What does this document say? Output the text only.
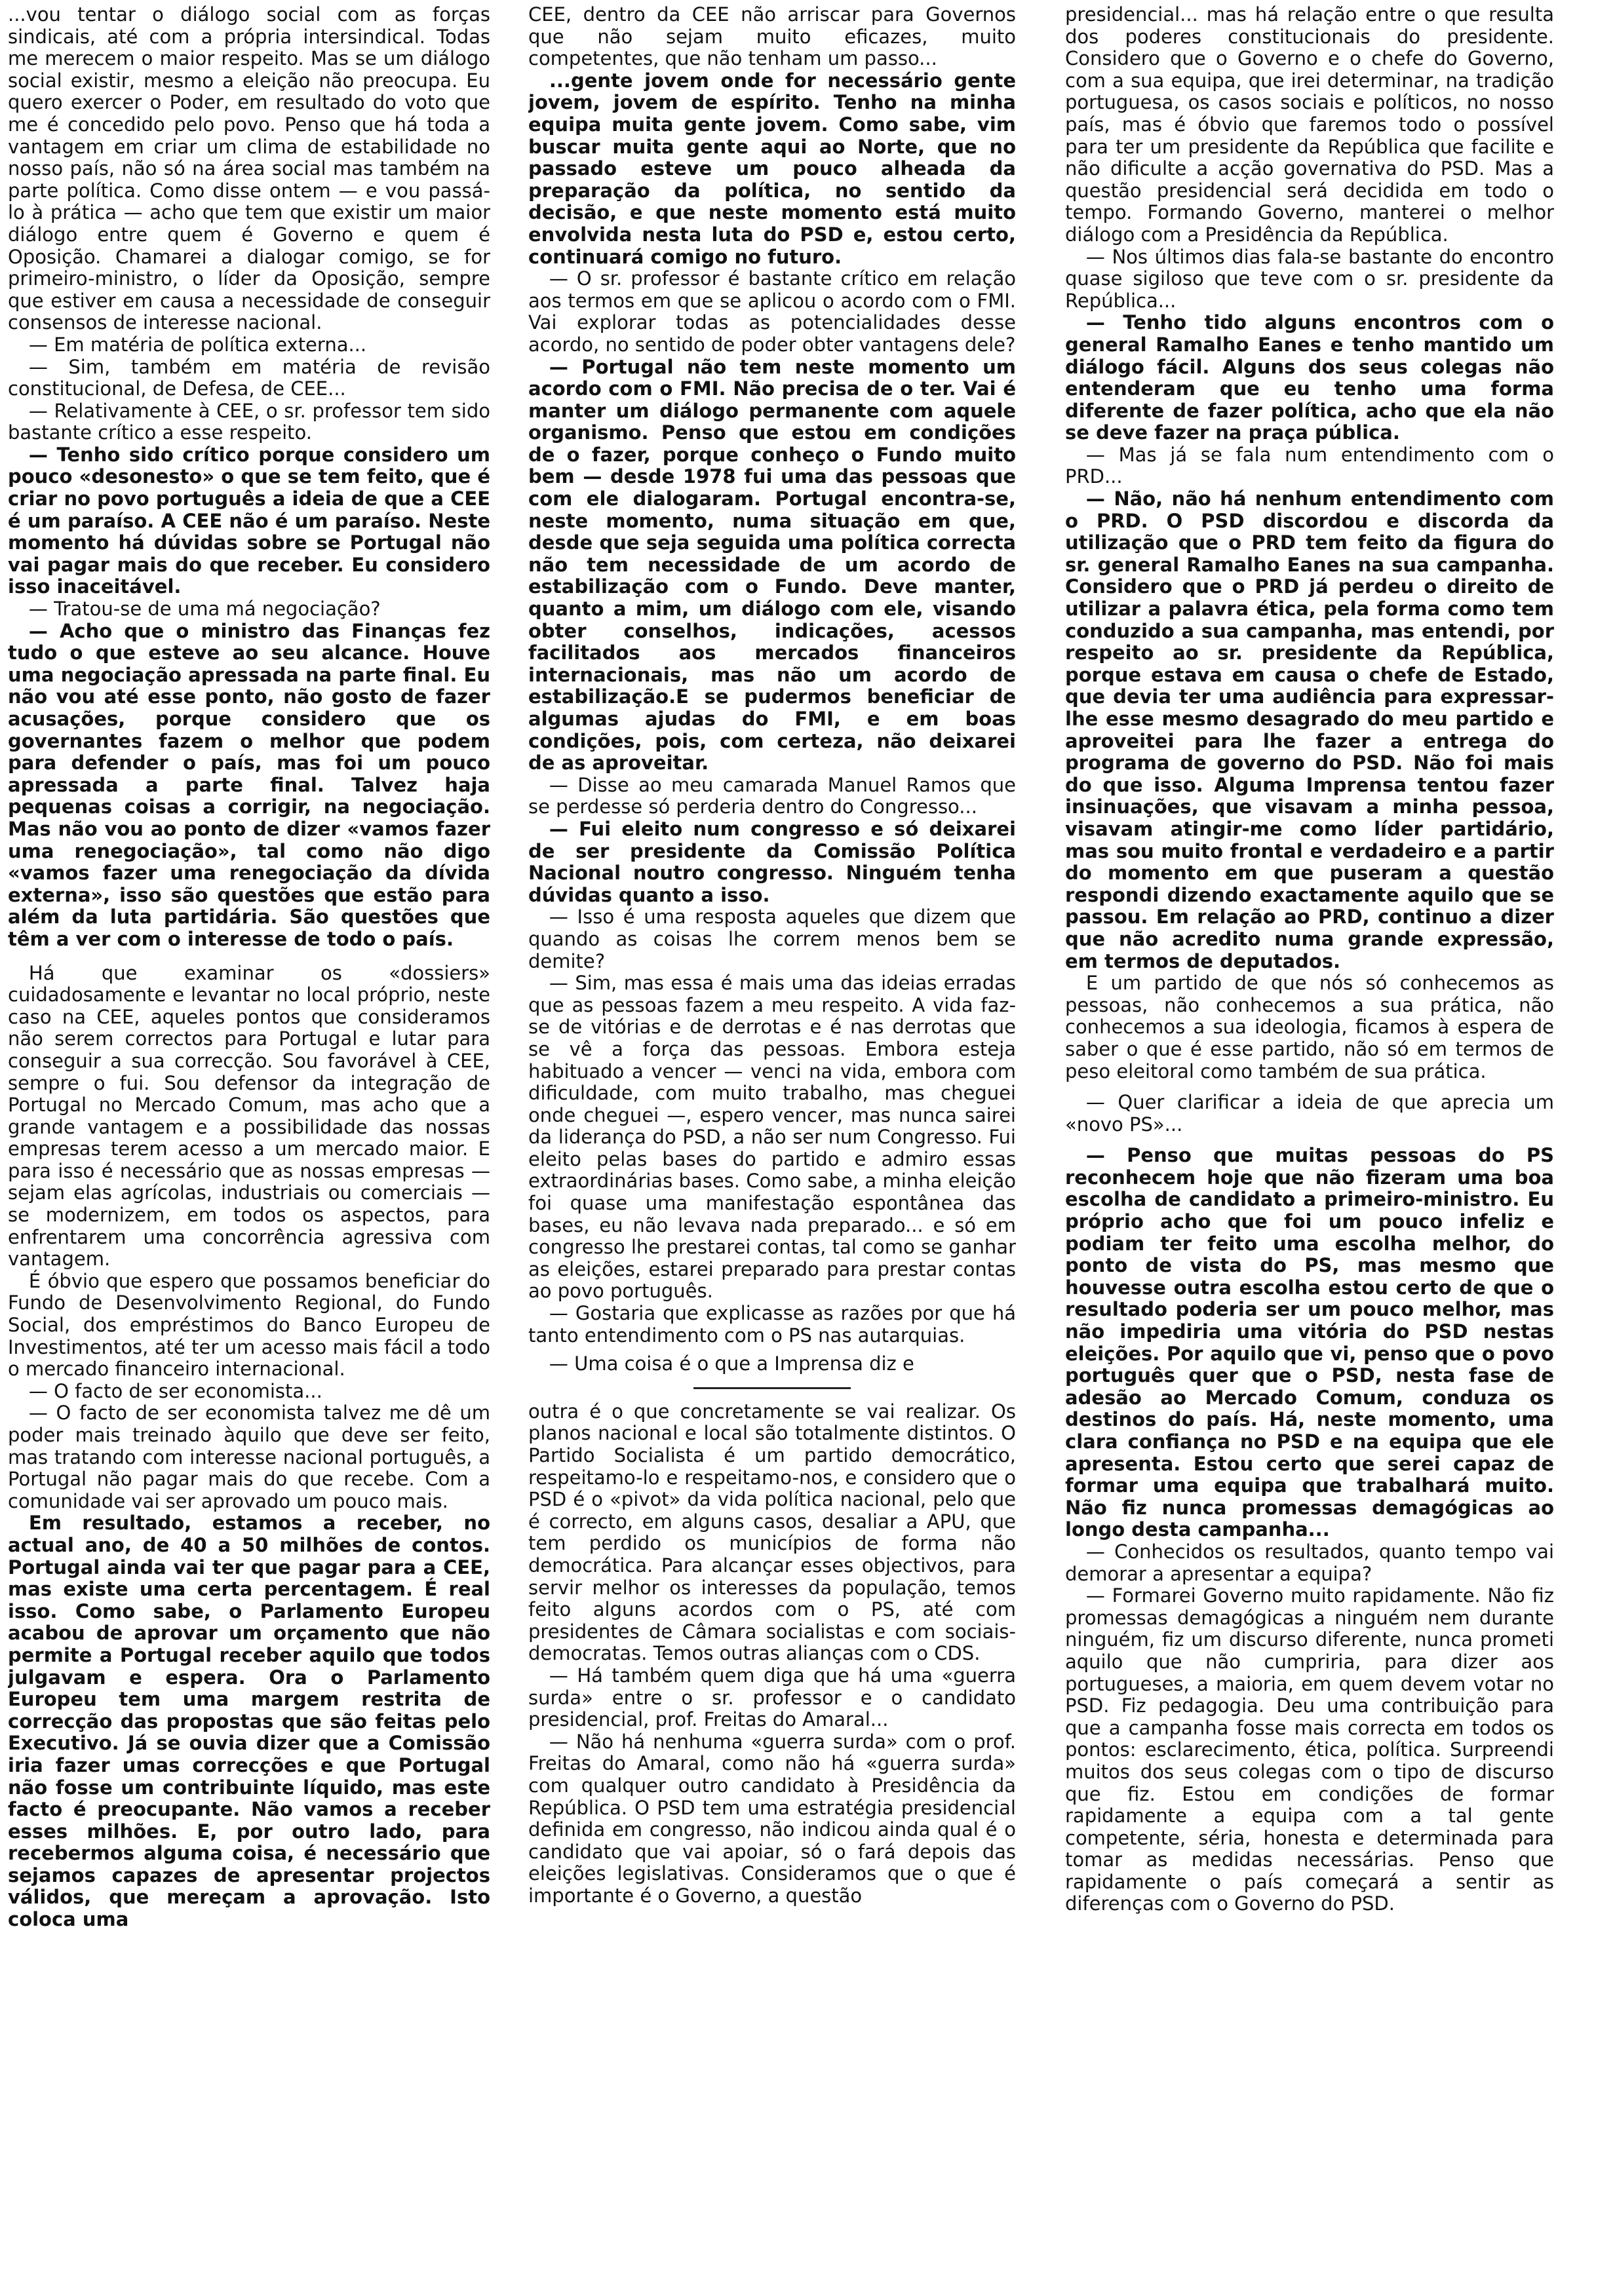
...vou tentar o diálogo social com as forças sindicais, até com a própria intersindical. Todas me merecem o maior respeito. Mas se um diálogo social existir, mesmo a eleição não preocupa. Eu quero exercer o Poder, em resultado do voto que me é concedido pelo povo. Penso que há toda a vantagem em criar um clima de estabilidade no nosso país, não só na área social mas também na parte política. Como disse ontem — e vou passá-lo à prática — acho que tem que existir um maior diálogo entre quem é Governo e quem é Oposição. Chamarei a dialogar comigo, se for primeiro-ministro, o líder da Oposição, sempre que estiver em causa a necessidade de conseguir consensos de interesse nacional.

— Em matéria de política externa...

— Sim, também em matéria de revisão constitucional, de Defesa, de CEE...

— Relativamente à CEE, o sr. professor tem sido bastante crítico a esse respeito.

— Tenho sido crítico porque considero um pouco «desonesto» o que se tem feito, que é criar no povo português a ideia de que a CEE é um paraíso. A CEE não é um paraíso. Neste momento há dúvidas sobre se Portugal não vai pagar mais do que receber. Eu considero isso inaceitável.

— Tratou-se de uma má negociação?

— Acho que o ministro das Finanças fez tudo o que esteve ao seu alcance. Houve uma negociação apressada na parte final. Eu não vou até esse ponto, não gosto de fazer acusações, porque considero que os governantes fazem o melhor que podem para defender o país, mas foi um pouco apressada a parte final. Talvez haja pequenas coisas a corrigir, na negociação. Mas não vou ao ponto de dizer «vamos fazer uma renegociação», tal como não digo «vamos fazer uma renegociação da dívida externa», isso são questões que estão para além da luta partidária. São questões que têm a ver com o interesse de todo o país.

Há que examinar os «dossiers» cuidadosamente e levantar no local próprio, neste caso na CEE, aqueles pontos que consideramos não serem correctos para Portugal e lutar para conseguir a sua correcção. Sou favorável à CEE, sempre o fui. Sou defensor da integração de Portugal no Mercado Comum, mas acho que a grande vantagem e a possibilidade das nossas empresas terem acesso a um mercado maior. E para isso é necessário que as nossas empresas — sejam elas agrícolas, industriais ou comerciais — se modernizem, em todos os aspectos, para enfrentarem uma concorrência agressiva com vantagem.

É óbvio que espero que possamos beneficiar do Fundo de Desenvolvimento Regional, do Fundo Social, dos empréstimos do Banco Europeu de Investimentos, até ter um acesso mais fácil a todo o mercado financeiro internacional.

— O facto de ser economista...

— O facto de ser economista talvez me dê um poder mais treinado àquilo que deve ser feito, mas tratando com interesse nacional português, a Portugal não pagar mais do que recebe. Com a comunidade vai ser aprovado um pouco mais.

Em resultado, estamos a receber, no actual ano, de 40 a 50 milhões de contos. Portugal ainda vai ter que pagar para a CEE, mas existe uma certa percentagem. É real isso. Como sabe, o Parlamento Europeu acabou de aprovar um orçamento que não permite a Portugal receber aquilo que todos julgavam e espera. Ora o Parlamento Europeu tem uma margem restrita de correcção das propostas que são feitas pelo Executivo. Já se ouvia dizer que a Comissão iria fazer umas correcções e que Portugal não fosse um contribuinte líquido, mas este facto é preocupante. Não vamos a receber esses milhões. E, por outro lado, para recebermos alguma coisa, é necessário que sejamos capazes de apresentar projectos válidos, que mereçam a aprovação. Isto coloca uma

CEE, dentro da CEE não arriscar para Governos que não sejam muito eficazes, muito competentes, que não tenham um passo...

...gente jovem onde for necessário gente jovem, jovem de espírito. Tenho na minha equipa muita gente jovem. Como sabe, vim buscar muita gente aqui ao Norte, que no passado esteve um pouco alheada da preparação da política, no sentido da decisão, e que neste momento está muito envolvida nesta luta do PSD e, estou certo, continuará comigo no futuro.

— O sr. professor é bastante crítico em relação aos termos em que se aplicou o acordo com o FMI. Vai explorar todas as potencialidades desse acordo, no sentido de poder obter vantagens dele?

— Portugal não tem neste momento um acordo com o FMI. Não precisa de o ter. Vai é manter um diálogo permanente com aquele organismo. Penso que estou em condições de o fazer, porque conheço o Fundo muito bem — desde 1978 fui uma das pessoas que com ele dialogaram. Portugal encontra-se, neste momento, numa situação em que, desde que seja seguida uma política correcta não tem necessidade de um acordo de estabilização com o Fundo. Deve manter, quanto a mim, um diálogo com ele, visando obter conselhos, indicações, acessos facilitados aos mercados financeiros internacionais, mas não um acordo de estabilização.E se pudermos beneficiar de algumas ajudas do FMI, e em boas condições, pois, com certeza, não deixarei de as aproveitar.

— Disse ao meu camarada Manuel Ramos que se perdesse só perderia dentro do Congresso...

— Fui eleito num congresso e só deixarei de ser presidente da Comissão Política Nacional noutro congresso. Ninguém tenha dúvidas quanto a isso.

— Isso é uma resposta aqueles que dizem que quando as coisas lhe correm menos bem se demite?

— Sim, mas essa é mais uma das ideias erradas que as pessoas fazem a meu respeito. A vida faz-se de vitórias e de derrotas e é nas derrotas que se vê a força das pessoas. Embora esteja habituado a vencer — venci na vida, embora com dificuldade, com muito trabalho, mas cheguei onde cheguei —, espero vencer, mas nunca sairei da liderança do PSD, a não ser num Congresso. Fui eleito pelas bases do partido e admiro essas extraordinárias bases. Como sabe, a minha eleição foi quase uma manifestação espontânea das bases, eu não levava nada preparado... e só em congresso lhe prestarei contas, tal como se ganhar as eleições, estarei preparado para prestar contas ao povo português.

— Gostaria que explicasse as razões por que há tanto entendimento com o PS nas autarquias.

— Uma coisa é o que a Imprensa diz e

outra é o que concretamente se vai realizar. Os planos nacional e local são totalmente distintos. O Partido Socialista é um partido democrático, respeitamo-lo e respeitamo-nos, e considero que o PSD é o «pivot» da vida política nacional, pelo que é correcto, em alguns casos, desaliar a APU, que tem perdido os municípios de forma não democrática. Para alcançar esses objectivos, para servir melhor os interesses da população, temos feito alguns acordos com o PS, até com presidentes de Câmara socialistas e com sociais-democratas. Temos outras alianças com o CDS.

— Há também quem diga que há uma «guerra surda» entre o sr. professor e o candidato presidencial, prof. Freitas do Amaral...

— Não há nenhuma «guerra surda» com o prof. Freitas do Amaral, como não há «guerra surda» com qualquer outro candidato à Presidência da República. O PSD tem uma estratégia presidencial definida em congresso, não indicou ainda qual é o candidato que vai apoiar, só o fará depois das eleições legislativas. Consideramos que o que é importante é o Governo, a questão

presidencial... mas há relação entre o que resulta dos poderes constitucionais do presidente. Considero que o Governo e o chefe do Governo, com a sua equipa, que irei determinar, na tradição portuguesa, os casos sociais e políticos, no nosso país, mas é óbvio que faremos todo o possível para ter um presidente da República que facilite e não dificulte a acção governativa do PSD. Mas a questão presidencial será decidida em todo o tempo. Formando Governo, manterei o melhor diálogo com a Presidência da República.

— Nos últimos dias fala-se bastante do encontro quase sigiloso que teve com o sr. presidente da República...

— Tenho tido alguns encontros com o general Ramalho Eanes e tenho mantido um diálogo fácil. Alguns dos seus colegas não entenderam que eu tenho uma forma diferente de fazer política, acho que ela não se deve fazer na praça pública.

— Mas já se fala num entendimento com o PRD...

— Não, não há nenhum entendimento com o PRD. O PSD discordou e discorda da utilização que o PRD tem feito da figura do sr. general Ramalho Eanes na sua campanha. Considero que o PRD já perdeu o direito de utilizar a palavra ética, pela forma como tem conduzido a sua campanha, mas entendi, por respeito ao sr. presidente da República, porque estava em causa o chefe de Estado, que devia ter uma audiência para expressar-lhe esse mesmo desagrado do meu partido e aproveitei para lhe fazer a entrega do programa de governo do PSD. Não foi mais do que isso. Alguma Imprensa tentou fazer insinuações, que visavam a minha pessoa, visavam atingir-me como líder partidário, mas sou muito frontal e verdadeiro e a partir do momento em que puseram a questão respondi dizendo exactamente aquilo que se passou. Em relação ao PRD, continuo a dizer que não acredito numa grande expressão, em termos de deputados.

E um partido de que nós só conhecemos as pessoas, não conhecemos a sua prática, não conhecemos a sua ideologia, ficamos à espera de saber o que é esse partido, não só em termos de peso eleitoral como também de sua prática.

— Quer clarificar a ideia de que aprecia um «novo PS»...

— Penso que muitas pessoas do PS reconhecem hoje que não fizeram uma boa escolha de candidato a primeiro-ministro. Eu próprio acho que foi um pouco infeliz e podiam ter feito uma escolha melhor, do ponto de vista do PS, mas mesmo que houvesse outra escolha estou certo de que o resultado poderia ser um pouco melhor, mas não impediria uma vitória do PSD nestas eleições. Por aquilo que vi, penso que o povo português quer que o PSD, nesta fase de adesão ao Mercado Comum, conduza os destinos do país. Há, neste momento, uma clara confiança no PSD e na equipa que ele apresenta. Estou certo que serei capaz de formar uma equipa que trabalhará muito. Não fiz nunca promessas demagógicas ao longo desta campanha...

— Conhecidos os resultados, quanto tempo vai demorar a apresentar a equipa?

— Formarei Governo muito rapidamente. Não fiz promessas demagógicas a ninguém nem durante ninguém, fiz um discurso diferente, nunca prometi aquilo que não cumpriria, para dizer aos portugueses, a maioria, em quem devem votar no PSD. Fiz pedagogia. Deu uma contribuição para que a campanha fosse mais correcta em todos os pontos: esclarecimento, ética, política. Surpreendi muitos dos seus colegas com o tipo de discurso que fiz. Estou em condições de formar rapidamente a equipa com a tal gente competente, séria, honesta e determinada para tomar as medidas necessárias. Penso que rapidamente o país começará a sentir as diferenças com o Governo do PSD.
